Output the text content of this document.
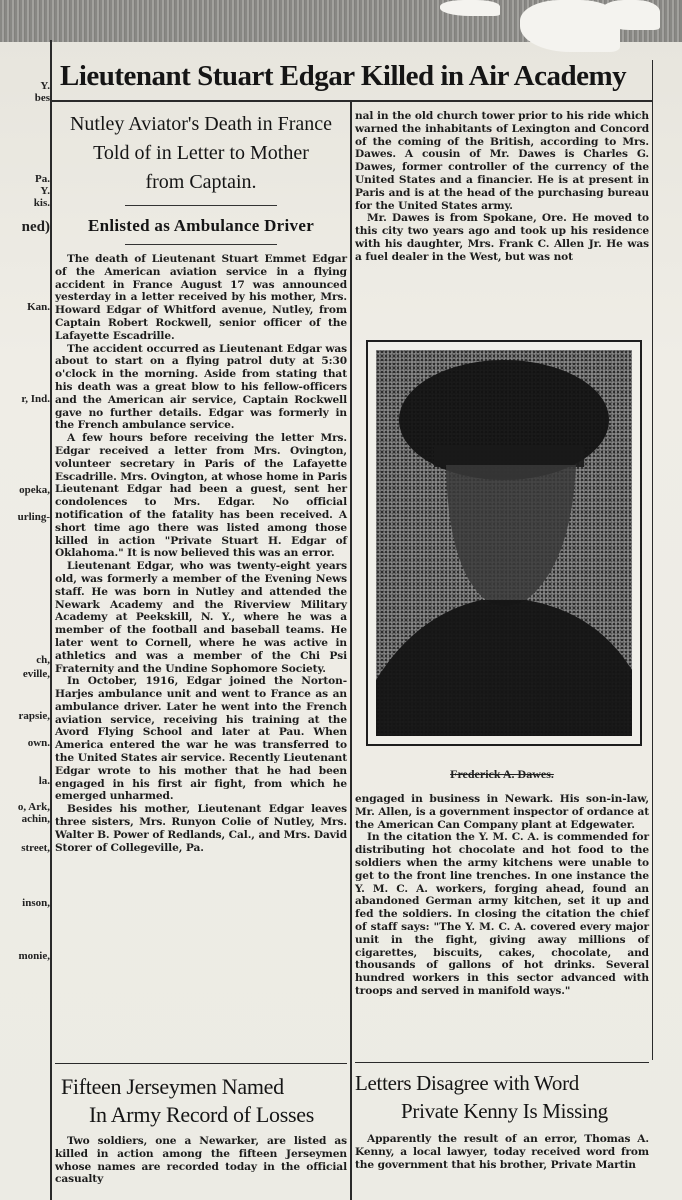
Lieutenant Stuart Edgar Killed in Air Academy
Y.
bes
Pa.
Y.
kis.
ned)
Kan.
r, Ind.
opeka,
urling-
ch,
eville,
rapsie,
own.
la.
o, Ark,
achin,
street,
inson,
monie,
Nutley Aviator's Death in France
Told of in Letter to Mother
from Captain.
Enlisted as Ambulance Driver

The death of Lieutenant Stuart Emmet Edgar of the American aviation service in a flying accident in France August 17 was announced yesterday in a letter received by his mother, Mrs. Howard Edgar of Whitford avenue, Nutley, from Captain Robert Rockwell, senior officer of the Lafayette Escadrille.

The accident occurred as Lieutenant Edgar was about to start on a flying patrol duty at 5:30 o'clock in the morning. Aside from stating that his death was a great blow to his fellow-officers and the American air service, Captain Rockwell gave no further details. Edgar was formerly in the French ambulance service.

A few hours before receiving the letter Mrs. Edgar received a letter from Mrs. Ovington, volunteer secretary in Paris of the Lafayette Escadrille. Mrs. Ovington, at whose home in Paris Lieutenant Edgar had been a guest, sent her condolences to Mrs. Edgar. No official notification of the fatality has been received. A short time ago there was listed among those killed in action "Private Stuart H. Edgar of Oklahoma." It is now believed this was an error.

Lieutenant Edgar, who was twenty-eight years old, was formerly a member of the Evening News staff. He was born in Nutley and attended the Newark Academy and the Riverview Military Academy at Peekskill, N. Y., where he was a member of the football and baseball teams. He later went to Cornell, where he was active in athletics and was a member of the Chi Psi Fraternity and the Undine Sophomore Society.

In October, 1916, Edgar joined the Norton-Harjes ambulance unit and went to France as an ambulance driver. Later he went into the French aviation service, receiving his training at the Avord Flying School and later at Pau. When America entered the war he was transferred to the United States air service. Recently Lieutenant Edgar wrote to his mother that he had been engaged in his first air fight, from which he emerged unharmed.

Besides his mother, Lieutenant Edgar leaves three sisters, Mrs. Runyon Colie of Nutley, Mrs. Walter B. Power of Redlands, Cal., and Mrs. David Storer of Collegeville, Pa.

Fifteen Jerseymen Named
In Army Record of Losses

Two soldiers, one a Newarker, are listed as killed in action among the fifteen Jerseymen whose names are recorded today in the official casualty

nal in the old church tower prior to his ride which warned the inhabitants of Lexington and Concord of the coming of the British, according to Mrs. Dawes. A cousin of Mr. Dawes is Charles G. Dawes, former controller of the currency of the United States and a financier. He is at present in Paris and is at the head of the purchasing bureau for the United States army.

Mr. Dawes is from Spokane, Ore. He moved to this city two years ago and took up his residence with his daughter, Mrs. Frank C. Allen Jr. He was a fuel dealer in the West, but was not

Frederick A. Dawes.

engaged in business in Newark. His son-in-law, Mr. Allen, is a government inspector of ordance at the American Can Company plant at Edgewater.

In the citation the Y. M. C. A. is commended for distributing hot chocolate and hot food to the soldiers when the army kitchens were unable to get to the front line trenches. In one instance the Y. M. C. A. workers, forging ahead, found an abandoned German army kitchen, set it up and fed the soldiers. In closing the citation the chief of staff says: "The Y. M. C. A. covered every major unit in the fight, giving away millions of cigarettes, biscuits, cakes, chocolate, and thousands of gallons of hot drinks. Several hundred workers in this sector advanced with troops and served in manifold ways."

Letters Disagree with Word
Private Kenny Is Missing

Apparently the result of an error, Thomas A. Kenny, a local lawyer, today received word from the government that his brother, Private Martin
